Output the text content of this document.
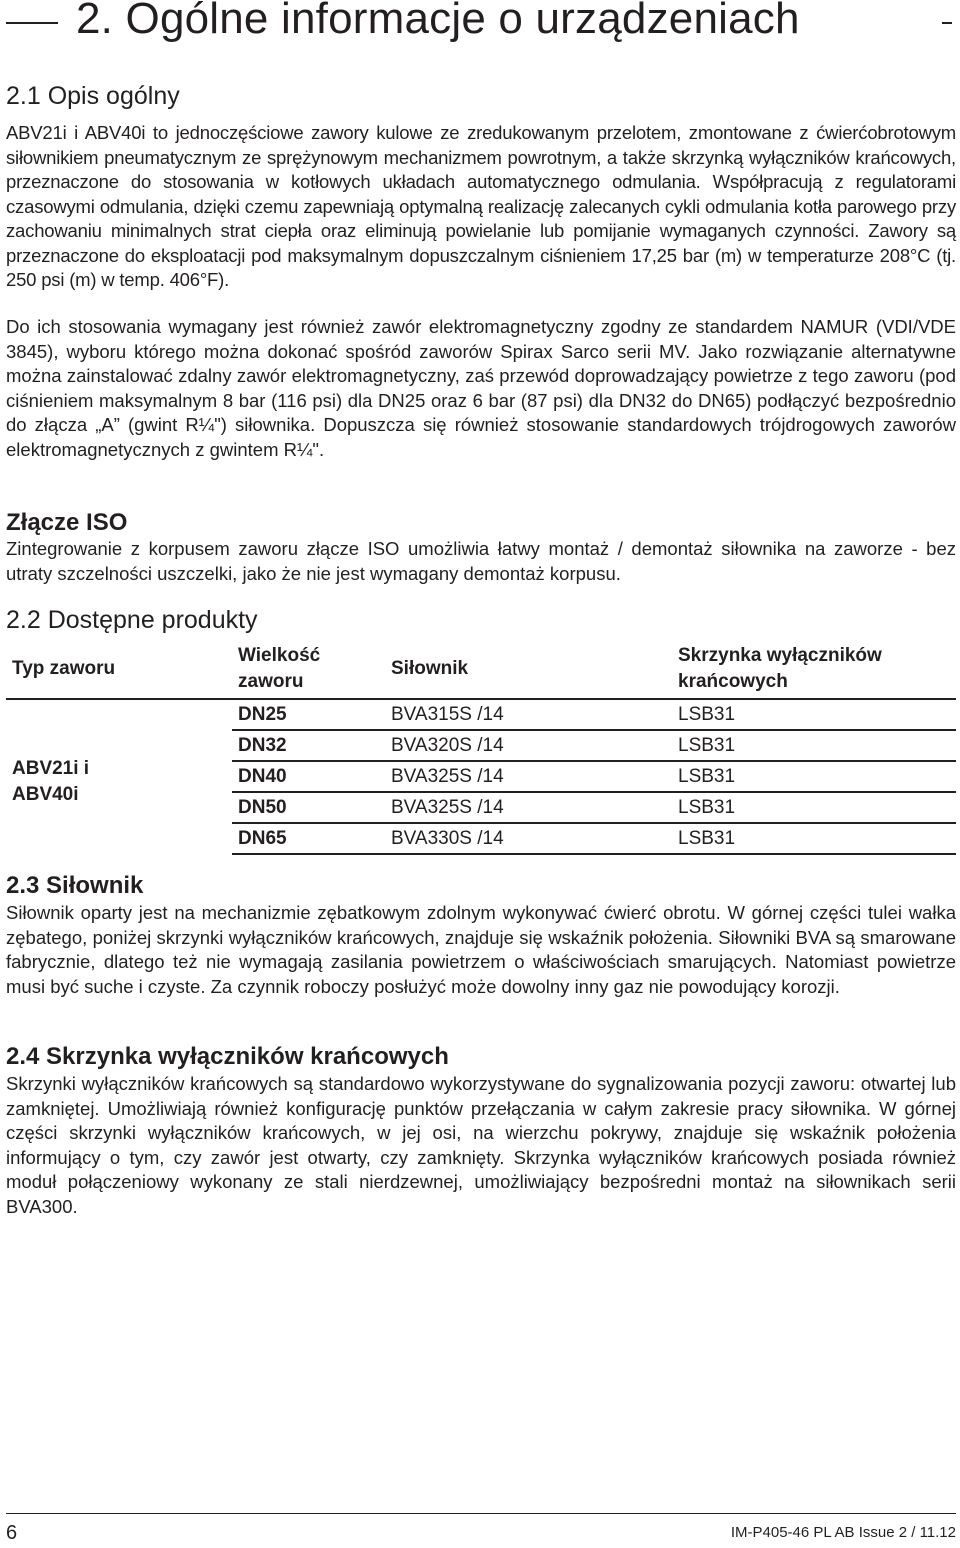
2. Ogólne informacje o urządzeniach
2.1 Opis ogólny

ABV21i i ABV40i to jednoczęściowe zawory kulowe ze zredukowanym przelotem, zmontowane z ćwierćobrotowym siłownikiem pneumatycznym ze sprężynowym mechanizmem powrotnym, a także skrzynką wyłączników krańcowych, przeznaczone do stosowania w kotłowych układach automatycznego odmulania. Współpracują z regulatorami czasowymi odmulania, dzięki czemu zapewniają optymalną realizację zalecanych cykli odmulania kotła parowego przy zachowaniu minimalnych strat ciepła oraz eliminują powielanie lub pomijanie wymaganych czynności. Zawory są przeznaczone do eksploatacji pod maksymalnym dopuszczalnym ciśnieniem 17,25 bar (m) w temperaturze 208°C (tj. 250 psi (m) w temp. 406°F).

Do ich stosowania wymagany jest również zawór elektromagnetyczny zgodny ze standardem NAMUR (VDI/VDE 3845), wyboru którego można dokonać spośród zaworów Spirax Sarco serii MV. Jako rozwiązanie alternatywne można zainstalować zdalny zawór elektromagnetyczny, zaś przewód doprowadzający powietrze z tego zaworu (pod ciśnieniem maksymalnym 8 bar (116 psi) dla DN25 oraz 6 bar (87 psi) dla DN32 do DN65) podłączyć bezpośrednio do złącza „A” (gwint R¼") siłownika. Dopuszcza się również stosowanie standardowych trójdrogowych zaworów elektromagnetycznych z gwintem R¼".

Złącze ISO

Zintegrowanie z korpusem zaworu złącze ISO umożliwia łatwy montaż / demontaż siłownika na zaworze - bez utraty szczelności uszczelki, jako że nie jest wymagany demontaż korpusu.

2.2 Dostępne produkty
Typ zaworu	Wielkość zaworu	Siłownik	Skrzynka wyłączników krańcowych
ABV21i i ABV40i	DN25	BVA315S /14	LSB31
	DN32	BVA320S /14	LSB31
	DN40	BVA325S /14	LSB31
	DN50	BVA325S /14	LSB31
	DN65	BVA330S /14	LSB31
2.3 Siłownik

Siłownik oparty jest na mechanizmie zębatkowym zdolnym wykonywać ćwierć obrotu. W górnej części tulei wałka zębatego, poniżej skrzynki wyłączników krańcowych, znajduje się wskaźnik położenia. Siłowniki BVA są smarowane fabrycznie, dlatego też nie wymagają zasilania powietrzem o właściwościach smarujących. Natomiast powietrze musi być suche i czyste. Za czynnik roboczy posłużyć może dowolny inny gaz nie powodujący korozji.

2.4 Skrzynka wyłączników krańcowych

Skrzynki wyłączników krańcowych są standardowo wykorzystywane do sygnalizowania pozycji zaworu: otwartej lub zamkniętej. Umożliwiają również konfigurację punktów przełączania w całym zakresie pracy siłownika. W górnej części skrzynki wyłączników krańcowych, w jej osi, na wierzchu pokrywy, znajduje się wskaźnik położenia informujący o tym, czy zawór jest otwarty, czy zamknięty. Skrzynka wyłączników krańcowych posiada również moduł połączeniowy wykonany ze stali nierdzewnej, umożliwiający bezpośredni montaż na siłownikach serii BVA300.

6	IM-P405-46 PL AB Issue 2 / 11.12
